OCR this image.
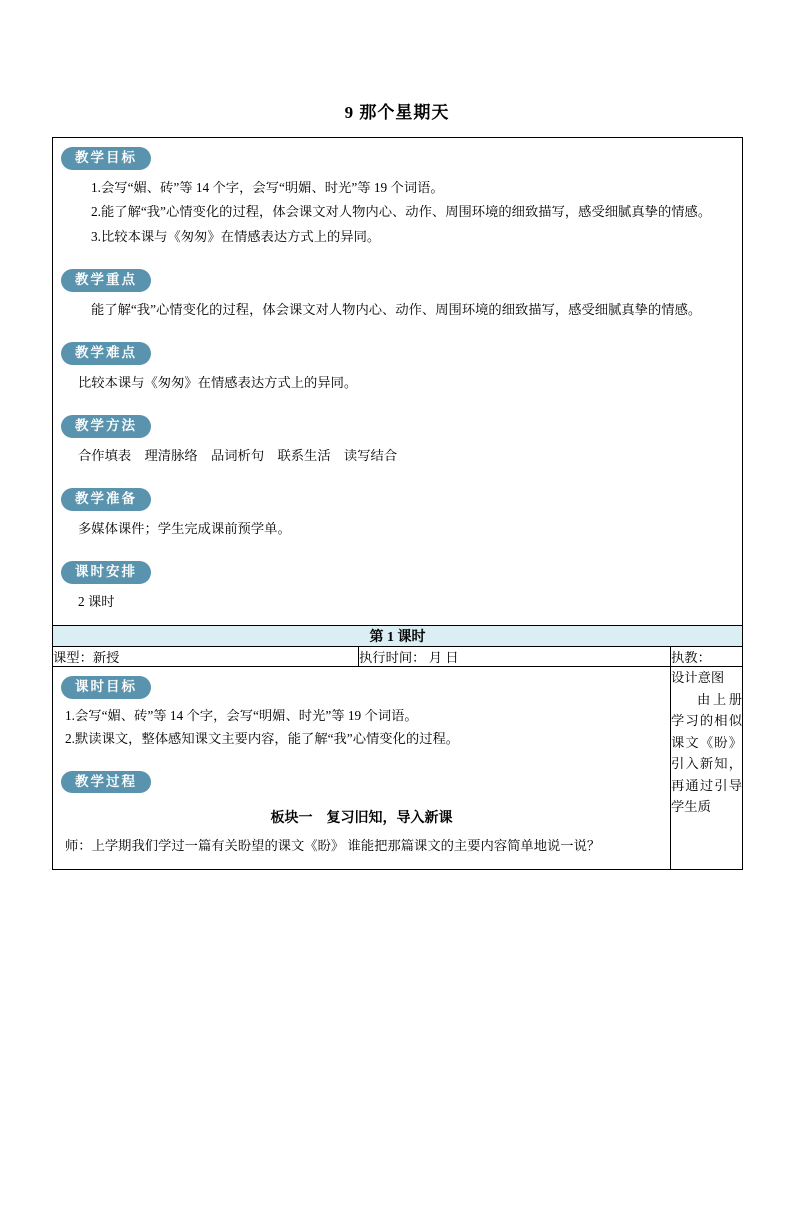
9 那个星期天
教学目标
1.会写“媚、砖”等 14 个字，会写“明媚、时光”等 19 个词语。
2.能了解“我”心情变化的过程，体会课文对人物内心、动作、周围环境的细致描写，感受细腻真挚的情感。
3.比较本课与《匆匆》在情感表达方式上的异同。
教学重点
能了解“我”心情变化的过程，体会课文对人物内心、动作、周围环境的细致描写，感受细腻真挚的情感。
教学难点
比较本课与《匆匆》在情感表达方式上的异同。
教学方法
合作填表　理清脉络　品词析句　联系生活　读写结合
教学准备
多媒体课件；学生完成课前预学单。
课时安排
2 课时

第 1 课时		
课型：新授	执行时间： 月 日	执教：
课时目标
1.会写“媚、砖”等 14 个字，会写“明媚、时光”等 19 个词语。
2.默读课文，整体感知课文主要内容，能了解“我”心情变化的过程。
教学过程
板块一　复习旧知，导入新课
师：上学期我们学过一篇有关盼望的课文《盼》 谁能把那篇课文的主要内容简单地说一说？

设计意图
由上册学习的相似课文《盼》引入新知，再通过引导学生质
